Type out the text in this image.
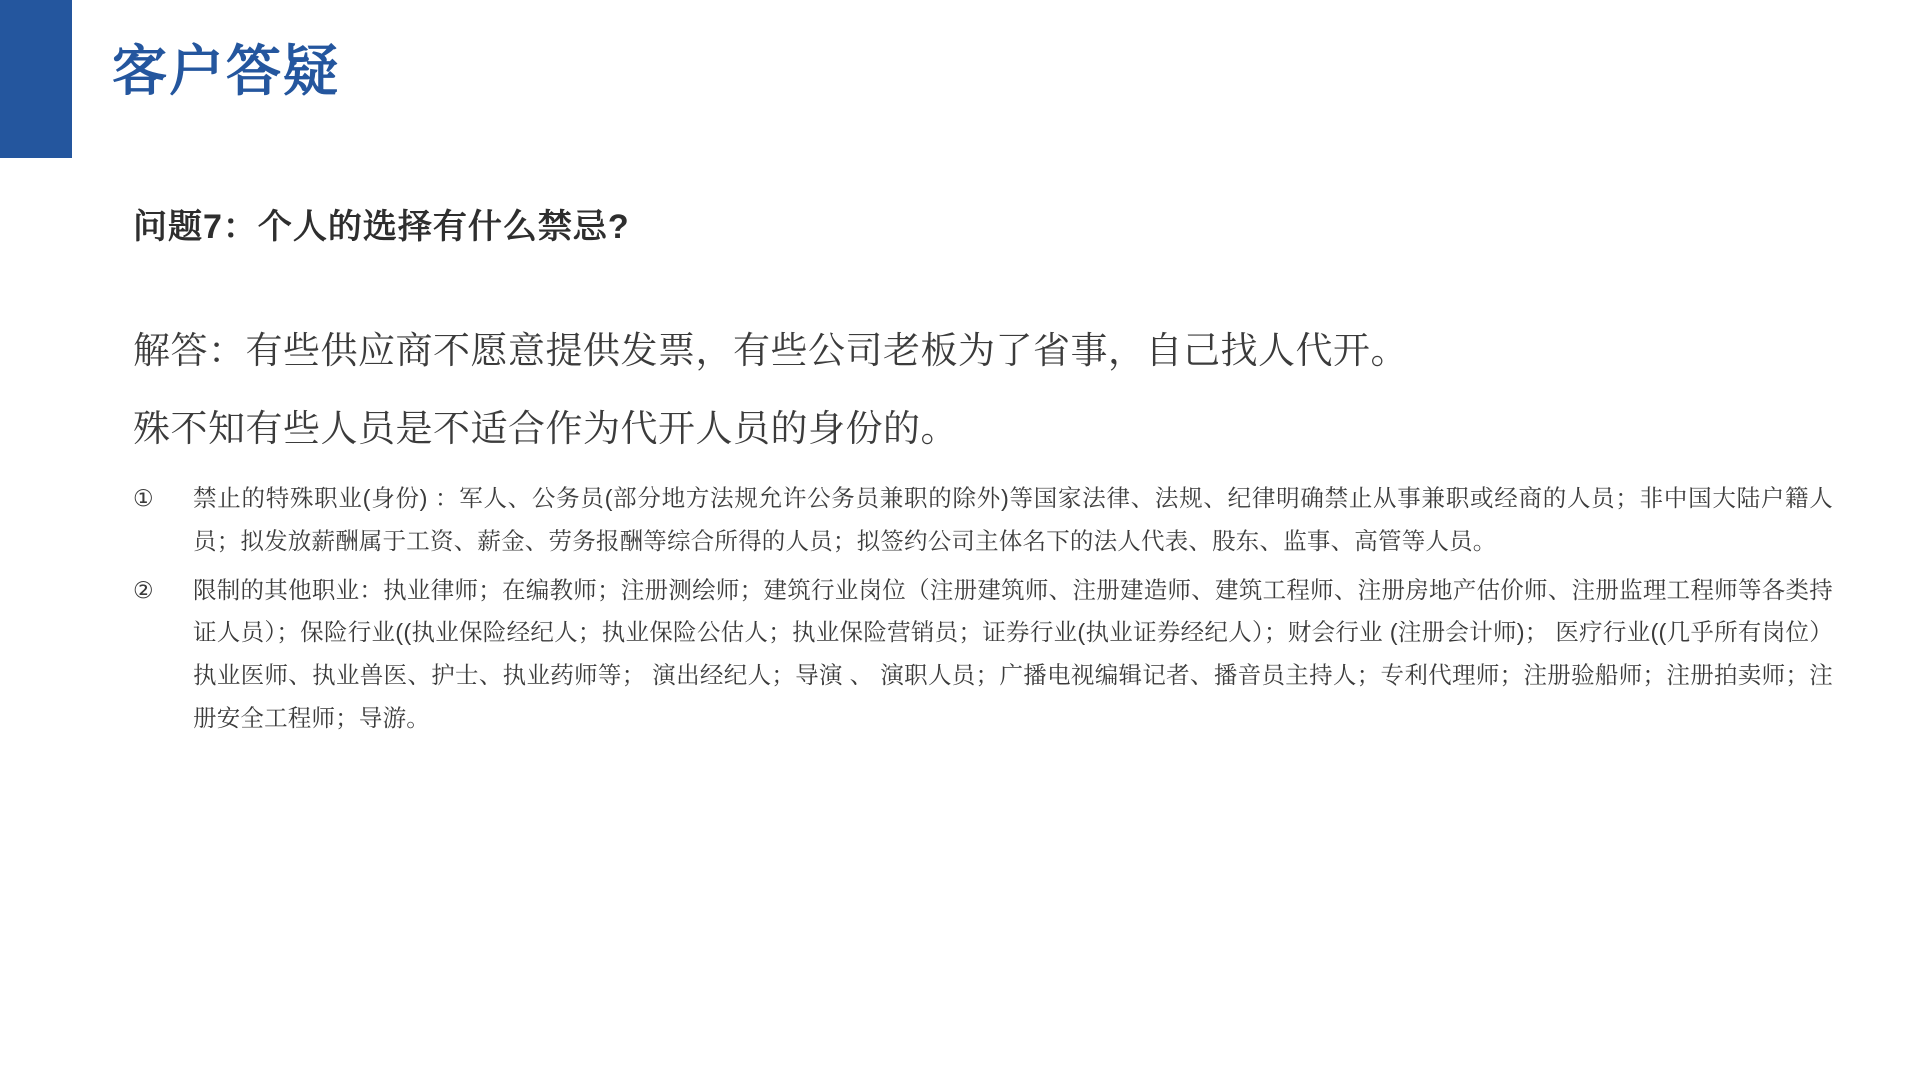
客户答疑
问题7：个人的选择有什么禁忌?

解答：有些供应商不愿意提供发票，有些公司老板为了省事，自己找人代开。

殊不知有些人员是不适合作为代开人员的身份的。

①	禁止的特殊职业(身份) ：军人、公务员(部分地方法规允许公务员兼职的除外)等国家法律、法规、纪律明确禁止从事兼职或经商的人员；非中国大陆户籍人员；拟发放薪酬属于工资、薪金、劳务报酬等综合所得的人员；拟签约公司主体名下的法人代表、股东、监事、高管等人员。
②	限制的其他职业：执业律师；在编教师；注册测绘师；建筑行业岗位（注册建筑师、注册建造师、建筑工程师、注册房地产估价师、注册监理工程师等各类持证人员）；保险行业((执业保险经纪人；执业保险公估人；执业保险营销员；证券行业(执业证券经纪人）；财会行业 (注册会计师)； 医疗行业((几乎所有岗位） 执业医师、执业兽医、护士、执业药师等； 演出经纪人；导演 、 演职人员；广播电视编辑记者、播音员主持人；专利代理师；注册验船师；注册拍卖师；注册安全工程师；导游。
